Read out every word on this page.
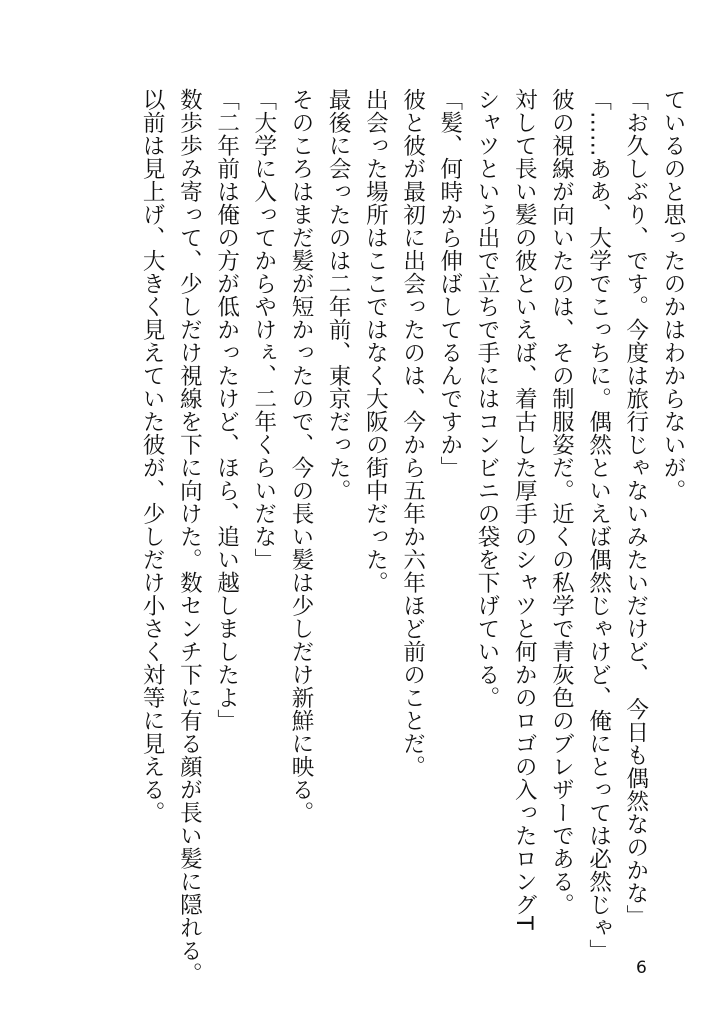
ているのと思ったのかはわからないが。
「お久しぶり、です。今度は旅行じゃないみたいだけど、　今日も偶然なのかな」
「……ああ、大学でこっちに。偶然といえば偶然じゃけど、俺にとっては必然じゃ」
彼の視線が向いたのは、その制服姿だ。近くの私学で青灰色のブレザーである。
対して長い髪の彼といえば、着古した厚手のシャツと何かのロゴの入ったロングT
シャツという出で立ちで手にはコンビニの袋を下げている。
「髪、何時から伸ばしてるんですか」
彼と彼が最初に出会ったのは、今から五年か六年ほど前のことだ。
出会った場所はここではなく大阪の街中だった。
最後に会ったのは二年前、東京だった。
そのころはまだ髪が短かったので、今の長い髪は少しだけ新鮮に映る。
「大学に入ってからやけぇ、二年くらいだな」
「二年前は俺の方が低かったけど、ほら、追い越しましたよ」
数歩歩み寄って、少しだけ視線を下に向けた。数センチ下に有る顔が長い髪に隠れる。
以前は見上げ、大きく見えていた彼が、少しだけ小さく対等に見える。
6
